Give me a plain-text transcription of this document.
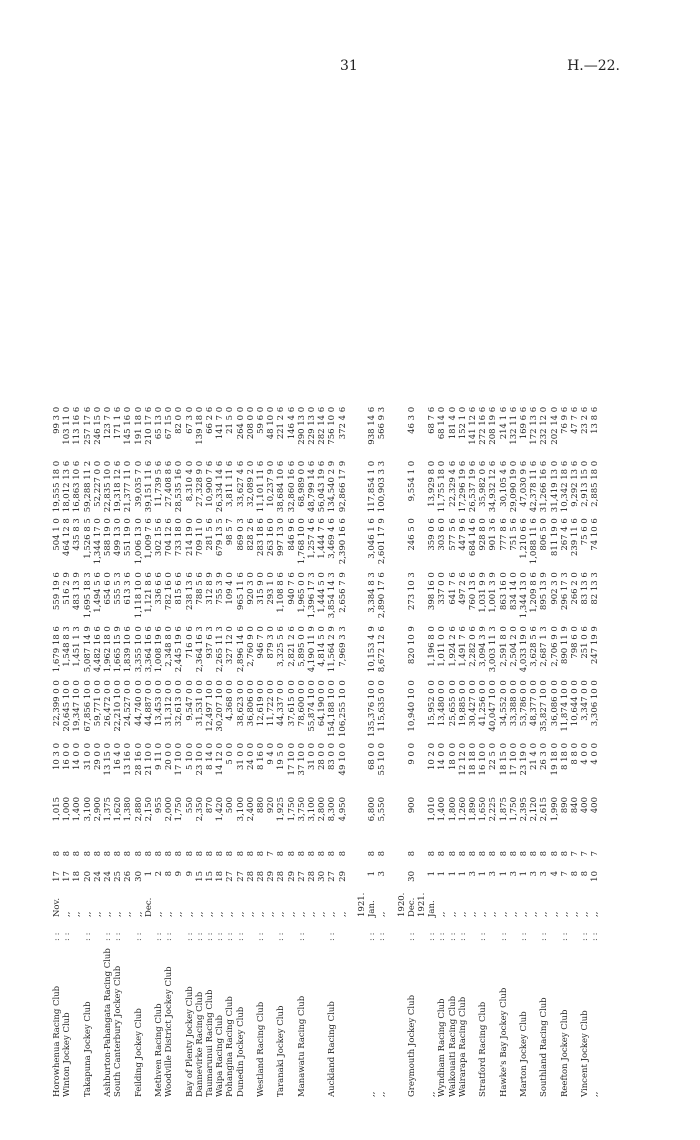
31	H.—22.
Horowhenua Racing Club	: :	Nov.	17	8	1,015	10 3 0	22,399 0 0	1,679 18 6	559 19 6	504 1 0	19,555 18 0	99 3 0
Winton Jockey Club	: :	,,	17	8	1,000	16 0 0	20,645 10 0	1,548 8 3	516 2 9	464 12 8	18,012 13 6	103 11 0
		,,	18	8	1,400	14 0 0	19,347 10 0	1,451 1 3	483 13 9	435 8 3	16,863 10 6	113 16 6
Takapuna Jockey Club	: :	,,	20	8	3,100	31 0 0	67,856 10 0	5,087 14 9	1,695 18 3	1,526 8 5	59,288 11 2	257 17 6
		,,	24	8	2,900	29 0 0	59,771 0 0	4,482 16 6	1,494 5 6	1,344 17 0	52,227 0 0	246 15 0
Ashburton-Pahangata Racing Club	: :	,,	24	8	1,375	13 15 0	26,472 0 0	1,962 18 0	654 6 0	588 19 0	22,835 10 0	123 7 0
South Canterbury Jockey Club	: :	,,	25	8	1,620	16 4 0	22,210 10 0	1,665 15 9	555 5 3	499 13 0	19,318 12 6	171 1 6
		,,	26	8	1,380	13 16 0	24,527 0 0	1,839 10 6	613 3 6	551 19 0	21,377 11 0	145 16 0
Feilding Jockey Club	: :	,,	30	8	2,880	28 16 0	44,740 0 0	3,355 10 0	1,118 10 0	1,006 13 0	39,035 7 0	191 18 0
		Dec.	1	8	2,150	21 10 0	44,887 0 0	3,364 16 6	1,121 8 6	1,009 7 6	39,151 11 6	210 17 6
Methven Racing Club	: :	,,	2	8	955	9 11 0	13,453 0 0	1,008 19 6	336 6 6	302 15 6	11,739 5 6	65 13 0
Woodville District Jockey Club	: :	,,	8	8	2,000	20 0 0	31,312 0 0	2,348 8 0	782 16 0	704 12 6	27,408 8 6	67 15 0
		,,	9	8	1,750	17 10 0	32,613 0 0	2,445 19 6	815 6 6	733 18 0	28,535 16 0	82 0 0
Bay of Plenty Jockey Club	: :	,,	9	8	550	5 10 0	9,547 0 0	716 0 6	238 13 6	214 19 0	8,310 4 0	67 3 0
Dannevirke Racing Club	: :	,,	15	8	2,350	23 10 0	31,531 0 0	2,364 16 3	788 5 6	709 11 0	27,328 9 0	139 18 0
Taumarunui Racing Club	: :	,,	15	8	870	8 14 0	12,497 10 0	937 6 3	312 8 9	281 5 6	10,900 7 6	66 2 6
Waipa Racing Club	: :	,,	18	8	1,420	14 12 0	30,207 10 0	2,265 11 3	755 3 9	679 13 5	26,334 14 6	141 7 0
Pohangina Racing Club	: :	,,	27	8	500	5 0 0	4,368 0 0	327 12 0	109 4 0	98 5 7	3,811 11 6	21 5 0
Dunedin Jockey Club	: :	,,	27	8	3,100	31 0 0	38,623 0 0	2,896 14 6	965 11 6	869 0 3	33,627 4 6	264 0 0
		,,	28	8	2,400	24 0 0	36,806 0 0	2,760 9 0	920 3 0	828 2 6	32,089 2 0	208 0 0
Westland Racing Club	: :	,,	28	8	880	8 16 0	12,619 0 0	946 7 0	315 9 0	283 18 6	11,101 11 6	59 6 0
		,,	29	7	920	9 4 0	11,722 0 0	879 3 0	293 1 0	263 16 0	10,237 9 0	48 10 0
Taranaki Jockey Club	: :	,,	28	8	1,925	19 5 0	44,337 0 0	3,325 5 6	1,108 8 6	997 13 0	38,684 10 6	221 2 6
		,,	29	8	1,750	17 10 0	37,615 0 0	2,821 2 6	940 7 6	846 9 6	32,860 16 6	146 4 6
Manawatu Racing Club	: :	,,	27	8	3,750	37 10 0	78,600 0 0	5,895 0 0	1,965 0 0	1,768 10 0	68,989 0 0	290 13 0
		,,	28	8	3,100	31 0 0	55,874 10 0	4,190 11 9	1,396 17 3	1,257 4 6	48,799 14 6	229 13 0
		,,	30	8	2,800	28 0 0	64,190 0 0	4,814 5 0	1,444 5 0	1,444 7 6	56,043 19 6	282 14 6
Auckland Racing Club	: :	,,	27	8	8,300	83 0 0	154,188 10 0	11,564 2 9	3,854 14 3	3,469 4 6	134,540 2 9	756 10 0
		,,	29	8	4,950	49 10 0	106,255 10 0	7,969 3 3	2,656 7 9	2,390 16 6	92,866 17 9	372 4 6

		1921.										
,,	: :	Jan.	1	8	6,800	68 0 0	135,376 10 0	10,153 4 9	3,384 8 3	3,046 1 6	117,854 1 0	938 14 6
,,	: :	,,	3	8	5,550	55 10 0	115,635 0 0	8,672 12 6	2,890 17 6	2,601 17 9	100,903 3 3	566 9 3

		1920.										
Greymouth Jockey Club	: :	Dec.	30	8	900	9 0 0	10,940 10 0	820 10 9	273 10 3	246 5 0	9,554 1 0	46 3 0
		1921.										
,,	: :	Jan.	1	8	1,010	10 2 0	15,952 0 0	1,196 8 0	398 16 0	359 0 6	13,929 8 0	68 7 6
Wyndham Racing Club	: :	,,	1	8	1,400	14 0 0	13,480 0 0	1,011 0 0	337 0 0	303 6 0	11,755 18 0	68 14 0
Waikouaiti Racing Club	: :	,,	1	8	1,800	18 0 0	25,655 0 0	1,924 2 6	641 7 6	577 5 6	22,329 4 6	181 4 0
Wairarapa Racing Club	: :	,,	1	8	1,260	12 12 0	19,885 0 0	1,491 7 6	497 2 6	447 9 6	17,296 19 6	152 1 0
		,,	3	8	1,890	18 18 0	30,427 0 0	2,282 0 6	760 13 6	684 14 6	26,537 19 6	141 12 6
Stratford Racing Club	: :	,,	1	8	1,650	16 10 0	41,256 0 0	3,094 3 9	1,031 9 9	928 8 0	35,982 0 6	272 16 6
		,,	3	8	2,225	22 5 0	40,047 10 0	3,003 11 3	1,001 3 9	901 3 6	34,932 12 6	208 19 6
Hawke's Bay Jockey Club	: :	,,	1	8	1,875	18 15 0	34,552 0 0	2,591 8 0	863 16 0	777 8 6	30,105 4 6	214 1 6
		,,	3	8	1,750	17 10 0	33,388 0 0	2,504 2 0	834 14 0	751 5 6	29,090 19 0	132 11 6
Marton Jockey Club	: :	,,	1	8	2,395	23 19 0	53,786 0 0	4,033 19 0	1,344 13 0	1,210 6 6	47,030 9 6	169 6 6
		,,	3	8	2,120	21 4 0	48,377 0 0	3,628 5 6	1,209 8 6	1,088 11 6	42,378 11 6	172 13 6
Southland Racing Club	: :	,,	3	8	2,615	26 3 0	35,827 10 0	2,687 1 3	895 13 9	806 5 0	31,266 16 6	232 12 0
		,,	4	8	1,990	19 18 0	36,086 0 0	2,706 9 0	902 3 0	811 19 0	31,419 13 0	202 14 0
Reefton Jockey Club	: :	,,	7	8	890	8 18 0	11,874 10 0	890 11 9	296 17 3	267 4 6	10,342 18 6	76 9 6
		,,	8	7	840	8 8 0	10,644 0 0	798 6 0	266 2 0	239 11 6	9,292 13 6	47 7 6
Vincent Jockey Club	: :	,,	8	7	400	4 0 0	3,347 0 0	251 0 6	83 13 6	75 6 0	2,913 15 0	23 2 6
,,	: :	,,	10	7	400	4 0 0	3,306 10 0	247 19 9	82 13 3	74 10 6	2,885 18 0	13 8 6
